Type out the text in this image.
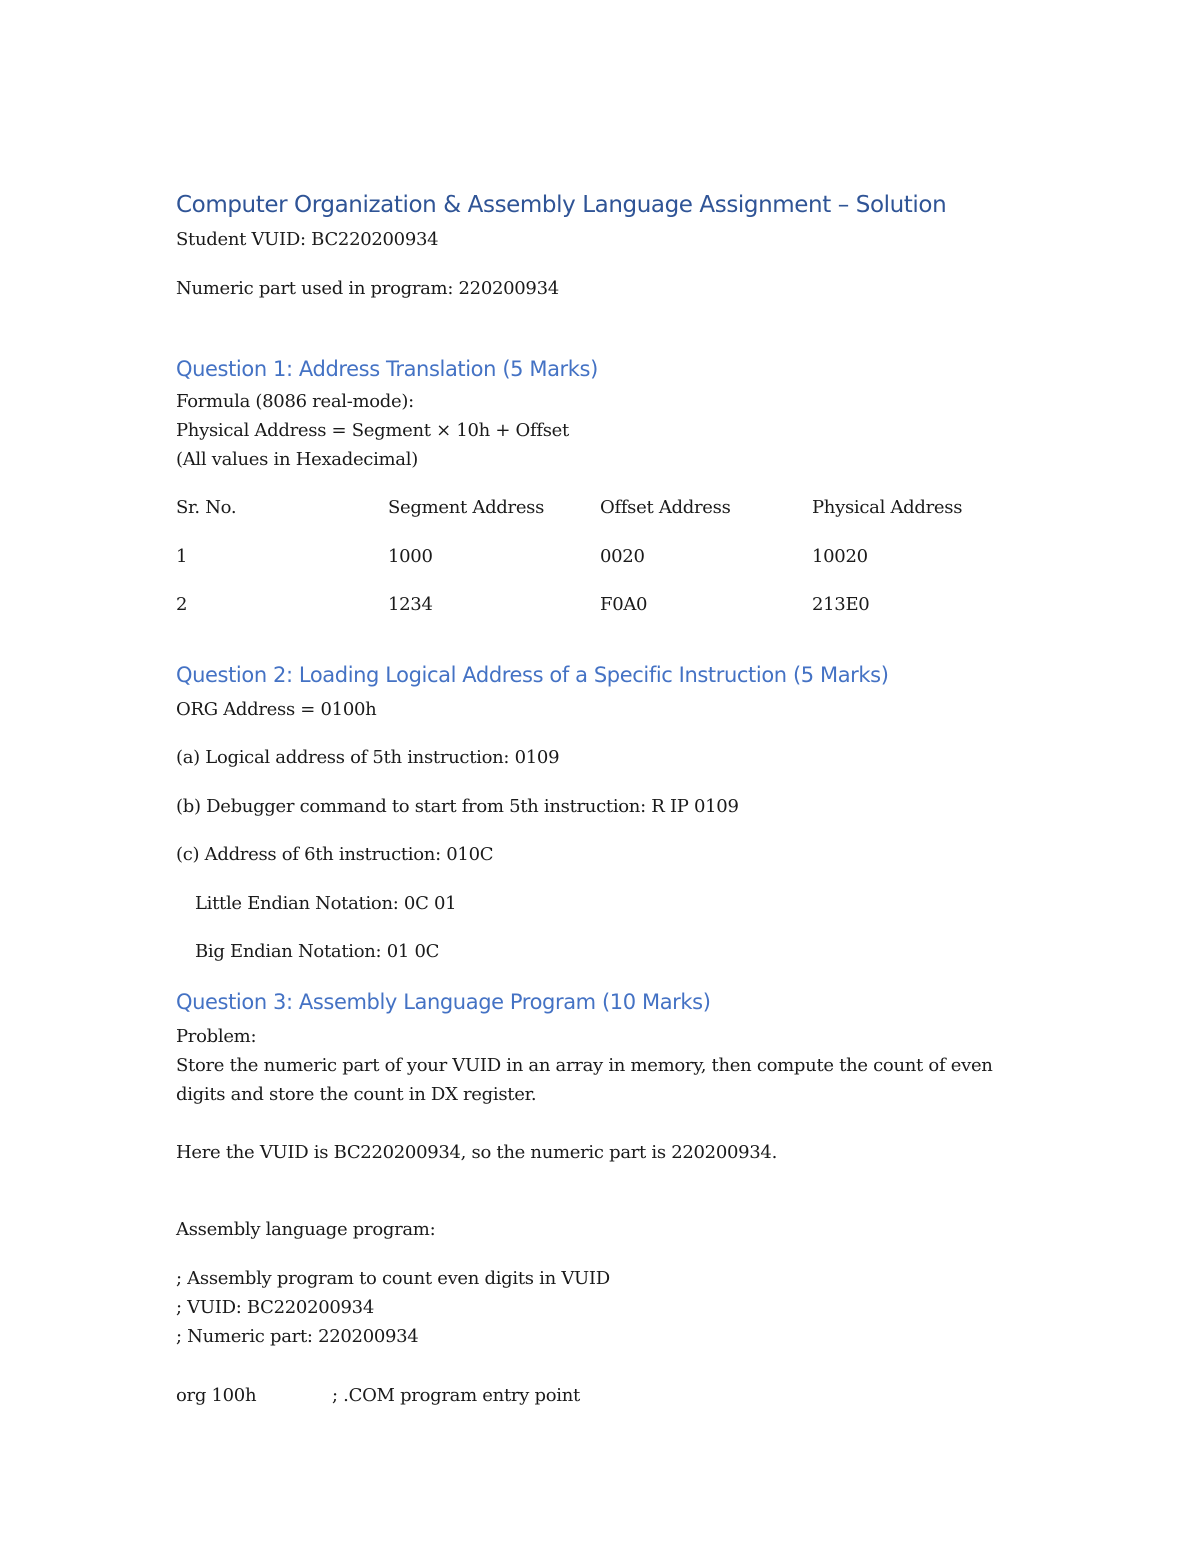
Computer Organization & Assembly Language Assignment – Solution
Student VUID: BC220200934
Numeric part used in program: 220200934
Question 1: Address Translation (5 Marks)
Formula (8086 real-mode):
Physical Address = Segment × 10h + Offset
(All values in Hexadecimal)
Sr. No.	Segment Address	Offset Address	Physical Address
1	1000	0020	10020
2	1234	F0A0	213E0
Question 2: Loading Logical Address of a Specific Instruction (5 Marks)
ORG Address = 0100h
(a) Logical address of 5th instruction: 0109
(b) Debugger command to start from 5th instruction: R IP 0109
(c) Address of 6th instruction: 010C
Little Endian Notation: 0C 01
Big Endian Notation: 01 0C
Question 3: Assembly Language Program (10 Marks)
Problem:
Store the numeric part of your VUID in an array in memory, then compute the count of even
digits and store the count in DX register.
Here the VUID is BC220200934, so the numeric part is 220200934.
Assembly language program:
; Assembly program to count even digits in VUID
; VUID: BC220200934
; Numeric part: 220200934
org 100h	; .COM program entry point
